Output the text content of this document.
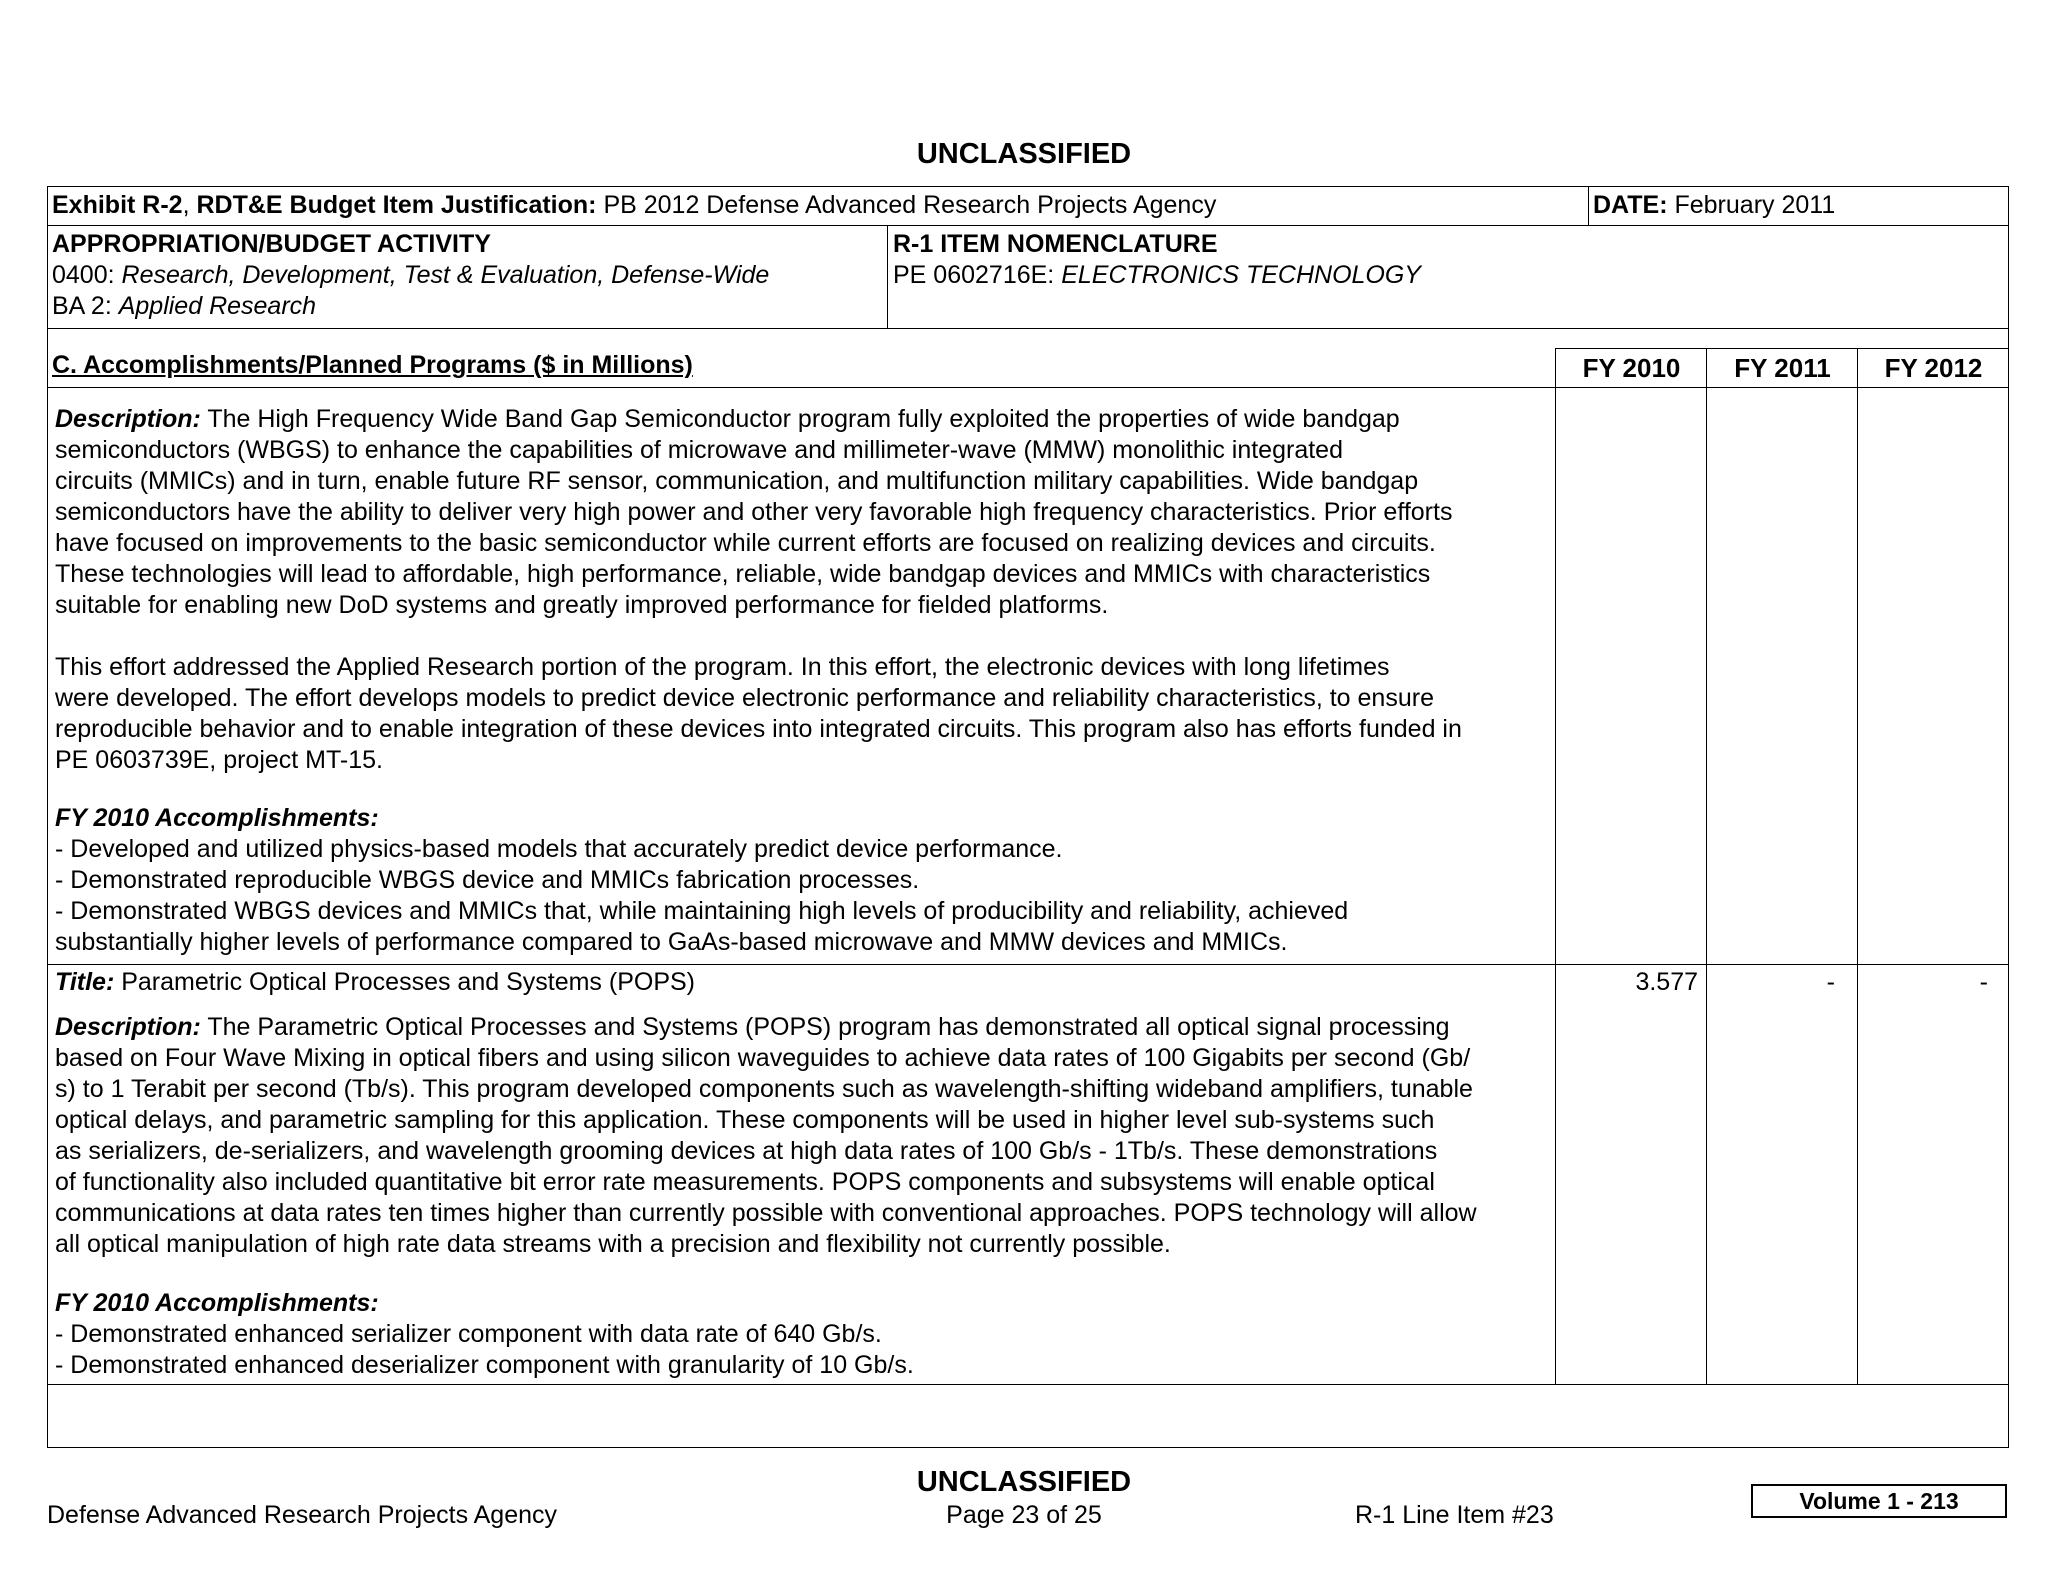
UNCLASSIFIED
Exhibit R-2, RDT&E Budget Item Justification: PB 2012 Defense Advanced Research Projects Agency	DATE: February 2011
APPROPRIATION/BUDGET ACTIVITY
0400: Research, Development, Test & Evaluation, Defense-Wide
BA 2: Applied Research
R-1 ITEM NOMENCLATURE
PE 0602716E: ELECTRONICS TECHNOLOGY
C. Accomplishments/Planned Programs ($ in Millions)	FY 2010	FY 2011	FY 2012
Description: The High Frequency Wide Band Gap Semiconductor program fully exploited the properties of wide bandgap
semiconductors (WBGS) to enhance the capabilities of microwave and millimeter-wave (MMW) monolithic integrated
circuits (MMICs) and in turn, enable future RF sensor, communication, and multifunction military capabilities. Wide bandgap
semiconductors have the ability to deliver very high power and other very favorable high frequency characteristics. Prior efforts
have focused on improvements to the basic semiconductor while current efforts are focused on realizing devices and circuits.
These technologies will lead to affordable, high performance, reliable, wide bandgap devices and MMICs with characteristics
suitable for enabling new DoD systems and greatly improved performance for fielded platforms.
This effort addressed the Applied Research portion of the program. In this effort, the electronic devices with long lifetimes
were developed. The effort develops models to predict device electronic performance and reliability characteristics, to ensure
reproducible behavior and to enable integration of these devices into integrated circuits. This program also has efforts funded in
PE 0603739E, project MT-15.
FY 2010 Accomplishments:
- Developed and utilized physics-based models that accurately predict device performance.
- Demonstrated reproducible WBGS device and MMICs fabrication processes.
- Demonstrated WBGS devices and MMICs that, while maintaining high levels of producibility and reliability, achieved
substantially higher levels of performance compared to GaAs-based microwave and MMW devices and MMICs.
Title: Parametric Optical Processes and Systems (POPS)	3.577	-	-
Description: The Parametric Optical Processes and Systems (POPS) program has demonstrated all optical signal processing
based on Four Wave Mixing in optical fibers and using silicon waveguides to achieve data rates of 100 Gigabits per second (Gb/
s) to 1 Terabit per second (Tb/s). This program developed components such as wavelength-shifting wideband amplifiers, tunable
optical delays, and parametric sampling for this application. These components will be used in higher level sub-systems such
as serializers, de-serializers, and wavelength grooming devices at high data rates of 100 Gb/s - 1Tb/s. These demonstrations
of functionality also included quantitative bit error rate measurements. POPS components and subsystems will enable optical
communications at data rates ten times higher than currently possible with conventional approaches. POPS technology will allow
all optical manipulation of high rate data streams with a precision and flexibility not currently possible.
FY 2010 Accomplishments:
- Demonstrated enhanced serializer component with data rate of 640 Gb/s.
- Demonstrated enhanced deserializer component with granularity of 10 Gb/s.
UNCLASSIFIED
Defense Advanced Research Projects Agency	Page 23 of 25	R-1 Line Item #23	Volume 1 - 213
